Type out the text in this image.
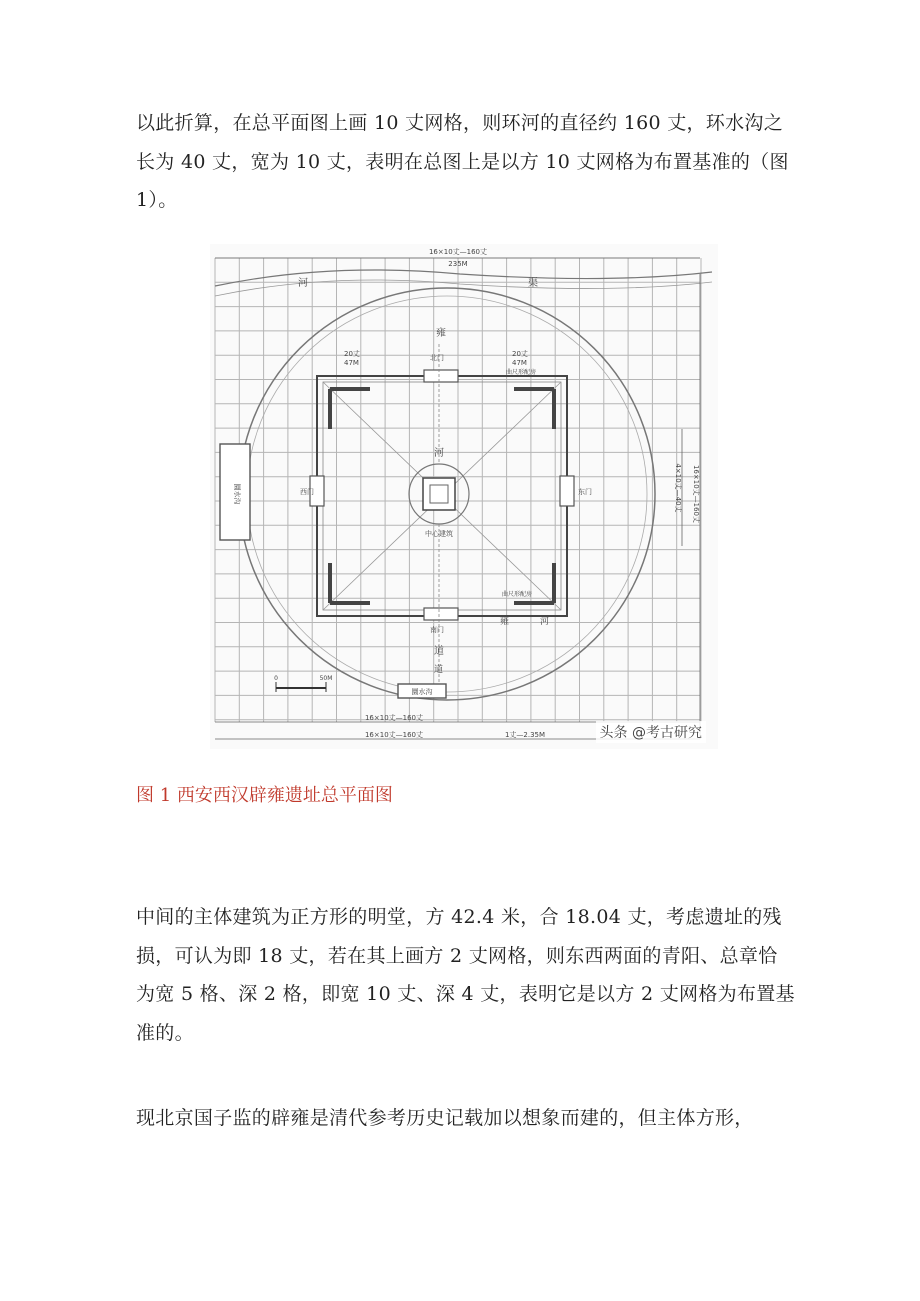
以此折算，在总平面图上画 10 丈网格，则环河的直径约 160 丈，环水沟之长为 40 丈，宽为 10 丈，表明在总图上是以方 10 丈网格为布置基准的（图 1）。

16×10丈—160丈
235M
河	渠
雍
20丈
47M
20丈
47M
北门
曲尺形配房
河
西门	东门
中心建筑
曲尺形配房
南门
雍	河
道
道
圜水沟
圜水沟
4×10丈—40丈 16×10丈—160丈
0	50M
16×10丈—160丈
16×10丈—160丈	1丈—2.35M	头条 @考古研究

图 1 西安西汉辟雍遗址总平面图

中间的主体建筑为正方形的明堂，方 42.4 米，合 18.04 丈，考虑遗址的残损，可认为即 18 丈，若在其上画方 2 丈网格，则东西两面的青阳、总章恰为宽 5 格、深 2 格，即宽 10 丈、深 4 丈，表明它是以方 2 丈网格为布置基准的。

现北京国子监的辟雍是清代参考历史记载加以想象而建的，但主体方形，
